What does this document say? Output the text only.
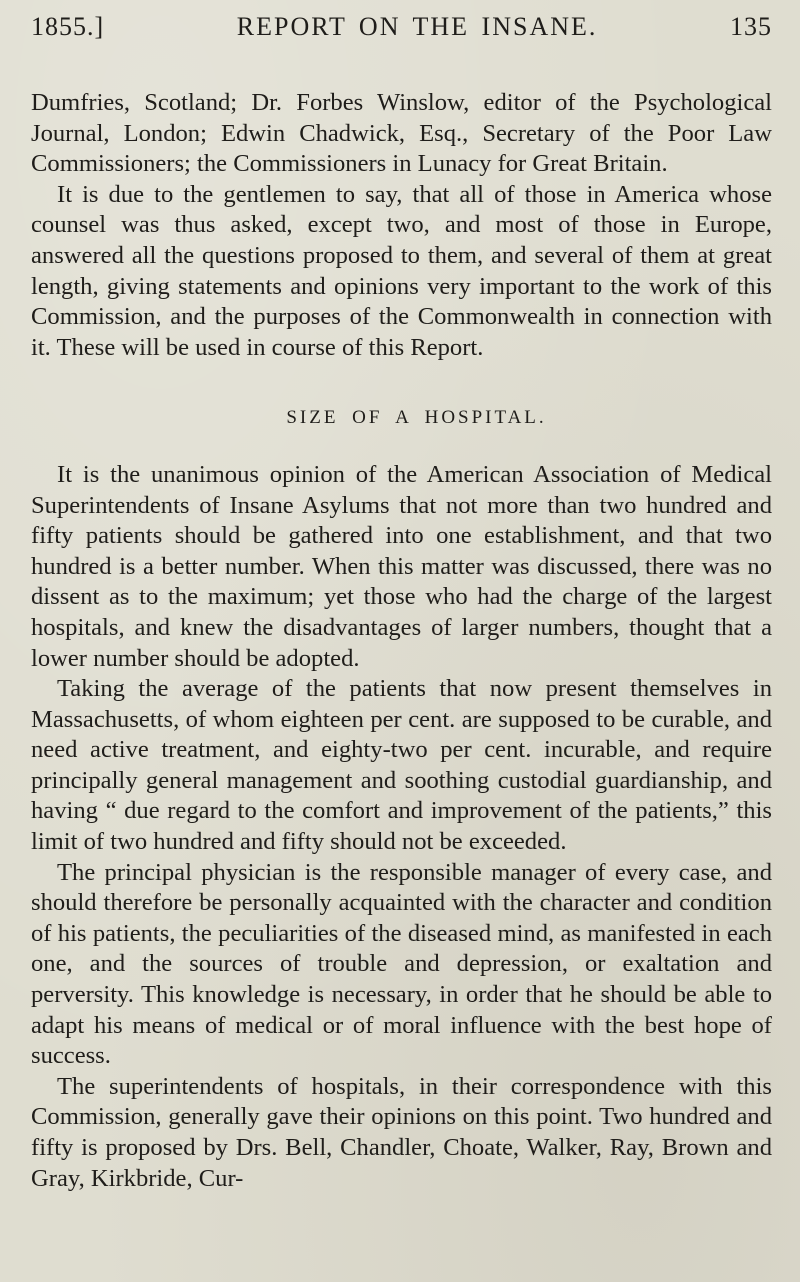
1855.]	REPORT ON THE INSANE.	135

Dumfries, Scotland; Dr. Forbes Winslow, editor of the Psychological Journal, London; Edwin Chadwick, Esq., Secretary of the Poor Law Commissioners; the Commissioners in Lunacy for Great Britain.

It is due to the gentlemen to say, that all of those in America whose counsel was thus asked, except two, and most of those in Europe, answered all the questions proposed to them, and several of them at great length, giving statements and opinions very important to the work of this Commission, and the purposes of the Commonwealth in connection with it. These will be used in course of this Report.

SIZE OF A HOSPITAL.

It is the unanimous opinion of the American Association of Medical Superintendents of Insane Asylums that not more than two hundred and fifty patients should be gathered into one establishment, and that two hundred is a better number. When this matter was discussed, there was no dissent as to the maximum; yet those who had the charge of the largest hospitals, and knew the disadvantages of larger numbers, thought that a lower number should be adopted.

Taking the average of the patients that now present themselves in Massachusetts, of whom eighteen per cent. are supposed to be curable, and need active treatment, and eighty-two per cent. incurable, and require principally general management and soothing custodial guardianship, and having “ due regard to the comfort and improvement of the patients,” this limit of two hundred and fifty should not be exceeded.

The principal physician is the responsible manager of every case, and should therefore be personally acquainted with the character and condition of his patients, the peculiarities of the diseased mind, as manifested in each one, and the sources of trouble and depression, or exaltation and perversity. This knowledge is necessary, in order that he should be able to adapt his means of medical or of moral influence with the best hope of success.

The superintendents of hospitals, in their correspondence with this Commission, generally gave their opinions on this point. Two hundred and fifty is proposed by Drs. Bell, Chandler, Choate, Walker, Ray, Brown and Gray, Kirkbride, Cur-
